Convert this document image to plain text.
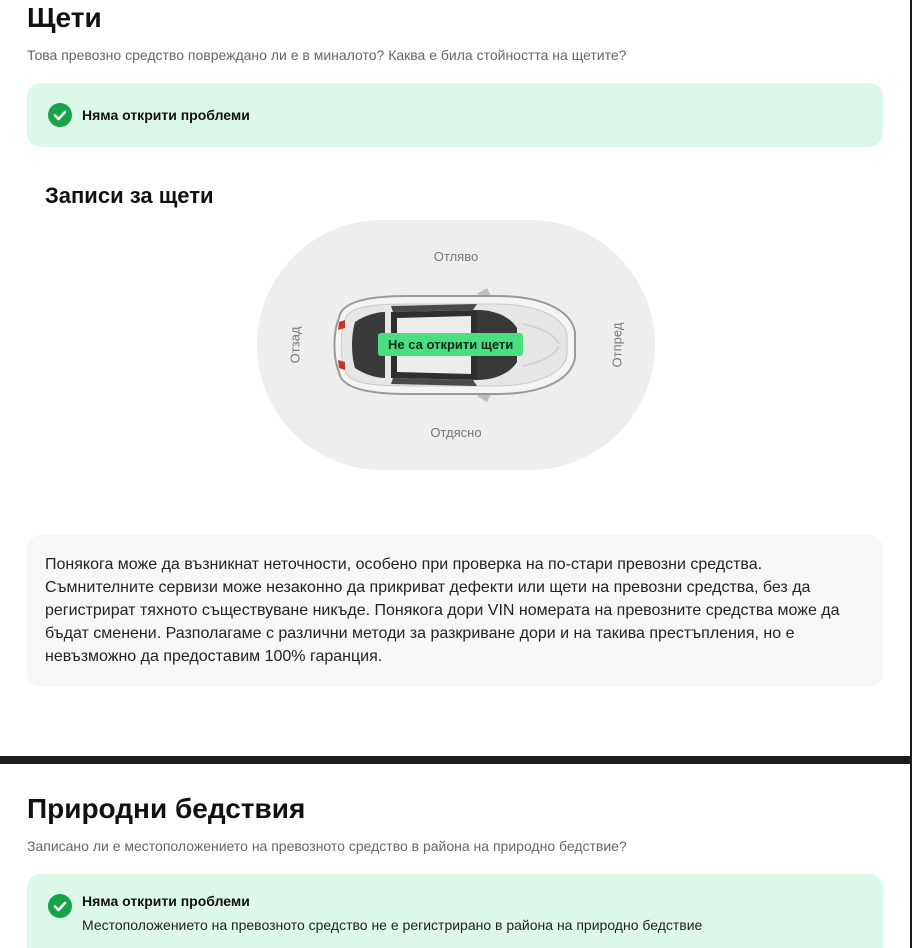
Щети

Това превозно средство повреждано ли е в миналото? Каква е била стойността на щетите?

Няма открити проблеми
Записи за щети
Отляво
Отдясно
Отзад	Отпред
Не са открити щети
Понякога може да възникнат неточности, особено при проверка на по-стари превозни средства. Съмнителните сервизи може незаконно да прикриват дефекти или щети на превозни средства, без да регистрират тяхното съществуване никъде. Понякога дори VIN номерата на превозните средства може да бъдат сменени. Разполагаме с различни методи за разкриване дори и на такива престъпления, но е невъзможно да предоставим 100% гаранция.
Природни бедствия

Записано ли е местоположението на превозното средство в района на природно бедствие?

Няма открити проблеми
Местоположението на превозното средство не е регистрирано в района на природно бедствие
